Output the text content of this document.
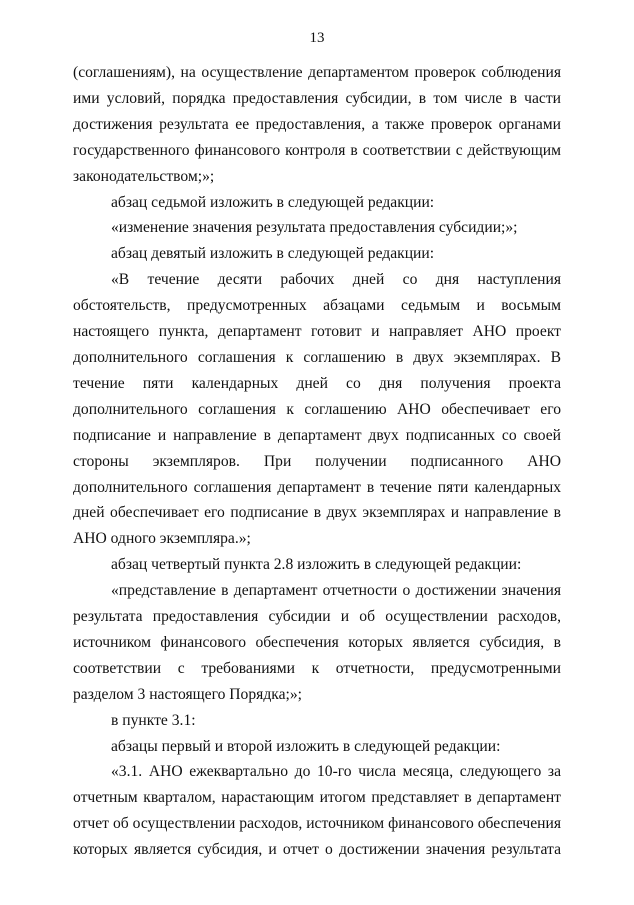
13

(соглашениям), на осуществление департаментом проверок соблюдения ими условий, порядка предоставления субсидии, в том числе в части достижения результата ее предоставления, а также проверок органами государственного финансового контроля в соответствии с действующим законодательством;»;

абзац седьмой изложить в следующей редакции:

«изменение значения результата предоставления субсидии;»;

абзац девятый изложить в следующей редакции:

«В течение десяти рабочих дней со дня наступления обстоятельств, предусмотренных абзацами седьмым и восьмым настоящего пункта, департамент готовит и направляет АНО проект дополнительного соглашения к соглашению в двух экземплярах. В течение пяти календарных дней со дня получения проекта дополнительного соглашения к соглашению АНО обеспечивает его подписание и направление в департамент двух подписанных со своей стороны экземпляров. При получении подписанного АНО дополнительного соглашения департамент в течение пяти календарных дней обеспечивает его подписание в двух экземплярах и направление в АНО одного экземпляра.»;

абзац четвертый пункта 2.8 изложить в следующей редакции:

«представление в департамент отчетности о достижении значения результата предоставления субсидии и об осуществлении расходов, источником финансового обеспечения которых является субсидия, в соответствии с требованиями к отчетности, предусмотренными разделом 3 настоящего Порядка;»;

в пункте 3.1:

абзацы первый и второй изложить в следующей редакции:

«3.1. АНО ежеквартально до 10-го числа месяца, следующего за отчетным кварталом, нарастающим итогом представляет в департамент отчет об осуществлении расходов, источником финансового обеспечения которых является субсидия, и отчет о достижении значения результата
